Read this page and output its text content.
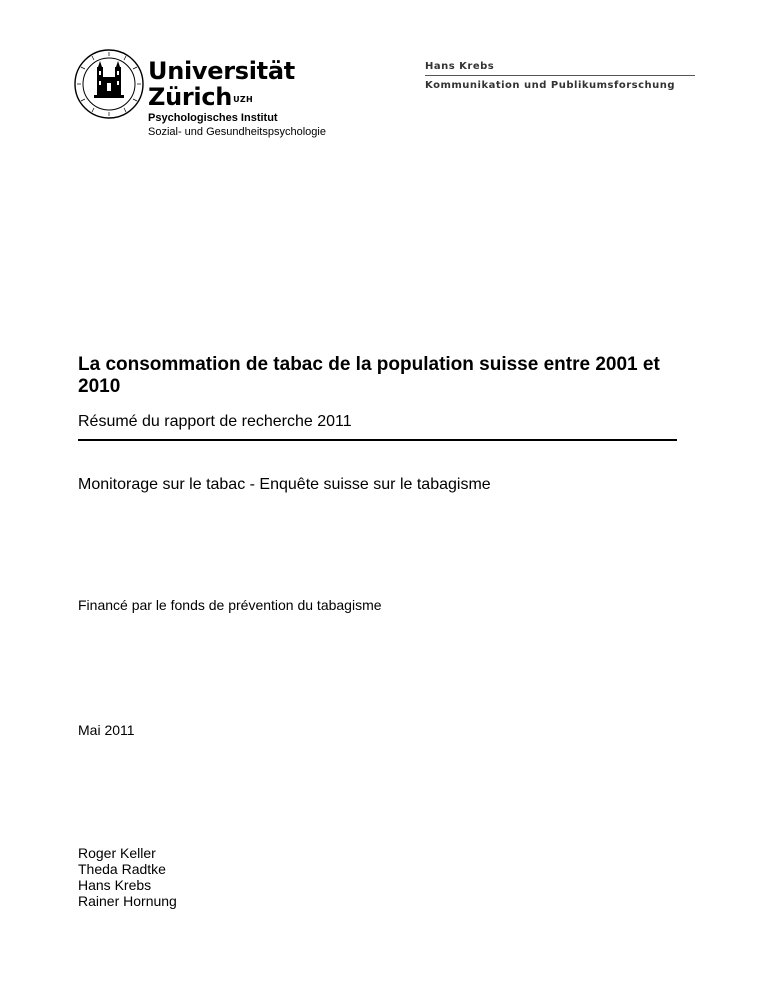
Universität
Zürich$^{UZH}$
Psychologisches Institut
Sozial- und Gesundheitspsychologie
Hans Krebs
Kommunikation und Publikumsforschung
La consommation de tabac de la population suisse entre 2001 et 2010
Résumé du rapport de recherche 2011
Monitorage sur le tabac - Enquête suisse sur le tabagisme
Financé par le fonds de prévention du tabagisme
Mai 2011
Roger Keller
Theda Radtke
Hans Krebs
Rainer Hornung
